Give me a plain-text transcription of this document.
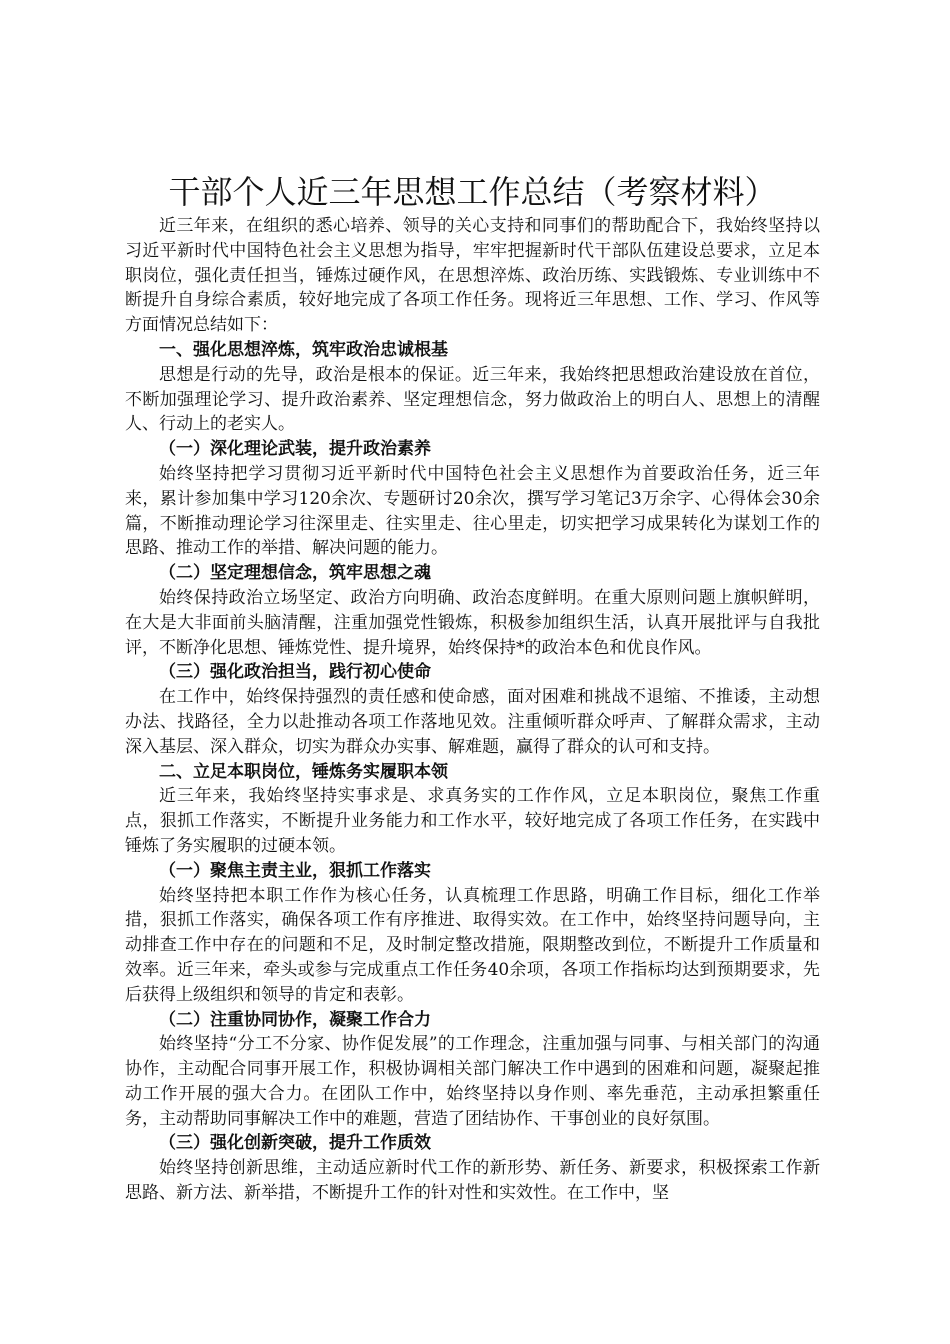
干部个人近三年思想工作总结（考察材料）

近三年来，在组织的悉心培养、领导的关心支持和同事们的帮助配合下，我始终坚持以习近平新时代中国特色社会主义思想为指导，牢牢把握新时代干部队伍建设总要求，立足本职岗位，强化责任担当，锤炼过硬作风，在思想淬炼、政治历练、实践锻炼、专业训练中不断提升自身综合素质，较好地完成了各项工作任务。现将近三年思想、工作、学习、作风等方面情况总结如下：

一、强化思想淬炼，筑牢政治忠诚根基

思想是行动的先导，政治是根本的保证。近三年来，我始终把思想政治建设放在首位，不断加强理论学习、提升政治素养、坚定理想信念，努力做政治上的明白人、思想上的清醒人、行动上的老实人。

（一）深化理论武装，提升政治素养

始终坚持把学习贯彻习近平新时代中国特色社会主义思想作为首要政治任务，近三年来，累计参加集中学习120余次、专题研讨20余次，撰写学习笔记3万余字、心得体会30余篇，不断推动理论学习往深里走、往实里走、往心里走，切实把学习成果转化为谋划工作的思路、推动工作的举措、解决问题的能力。

（二）坚定理想信念，筑牢思想之魂

始终保持政治立场坚定、政治方向明确、政治态度鲜明。在重大原则问题上旗帜鲜明，在大是大非面前头脑清醒，注重加强党性锻炼，积极参加组织生活，认真开展批评与自我批评，不断净化思想、锤炼党性、提升境界，始终保持*的政治本色和优良作风。

（三）强化政治担当，践行初心使命

在工作中，始终保持强烈的责任感和使命感，面对困难和挑战不退缩、不推诿，主动想办法、找路径，全力以赴推动各项工作落地见效。注重倾听群众呼声、了解群众需求，主动深入基层、深入群众，切实为群众办实事、解难题，赢得了群众的认可和支持。

二、立足本职岗位，锤炼务实履职本领

近三年来，我始终坚持实事求是、求真务实的工作作风，立足本职岗位，聚焦工作重点，狠抓工作落实，不断提升业务能力和工作水平，较好地完成了各项工作任务，在实践中锤炼了务实履职的过硬本领。

（一）聚焦主责主业，狠抓工作落实

始终坚持把本职工作作为核心任务，认真梳理工作思路，明确工作目标，细化工作举措，狠抓工作落实，确保各项工作有序推进、取得实效。在工作中，始终坚持问题导向，主动排查工作中存在的问题和不足，及时制定整改措施，限期整改到位，不断提升工作质量和效率。近三年来，牵头或参与完成重点工作任务40余项，各项工作指标均达到预期要求，先后获得上级组织和领导的肯定和表彰。

（二）注重协同协作，凝聚工作合力

始终坚持“分工不分家、协作促发展”的工作理念，注重加强与同事、与相关部门的沟通协作，主动配合同事开展工作，积极协调相关部门解决工作中遇到的困难和问题，凝聚起推动工作开展的强大合力。在团队工作中，始终坚持以身作则、率先垂范，主动承担繁重任务，主动帮助同事解决工作中的难题，营造了团结协作、干事创业的良好氛围。

（三）强化创新突破，提升工作质效

始终坚持创新思维，主动适应新时代工作的新形势、新任务、新要求，积极探索工作新思路、新方法、新举措，不断提升工作的针对性和实效性。在工作中，坚
